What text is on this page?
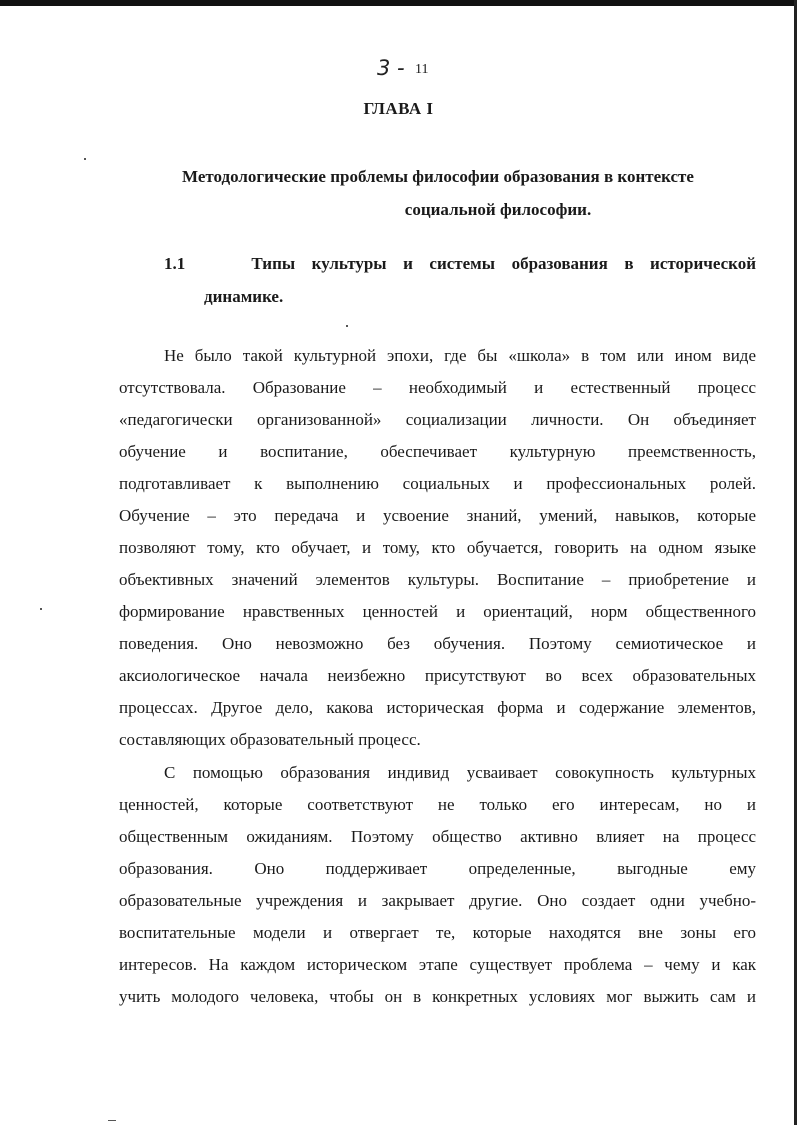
3 - 11
ГЛАВА I
Методологические проблемы философии образования в контексте
социальной философии.
1.1	Типы культуры и системы образования в исторической
динамике.
Не было такой культурной эпохи, где бы «школа» в том или ином виде
отсутствовала. Образование – необходимый и естественный процесс
«педагогически организованной» социализации личности. Он объединяет
обучение и воспитание, обеспечивает культурную преемственность,
подготавливает к выполнению социальных и профессиональных ролей.
Обучение – это передача и усвоение знаний, умений, навыков, которые
позволяют тому, кто обучает, и тому, кто обучается, говорить на одном языке
объективных значений элементов культуры. Воспитание – приобретение и
формирование нравственных ценностей и ориентаций, норм общественного
поведения. Оно невозможно без обучения. Поэтому семиотическое и
аксиологическое начала неизбежно присутствуют во всех образовательных
процессах. Другое дело, какова историческая форма и содержание элементов,
составляющих образовательный процесс.
С помощью образования индивид усваивает совокупность культурных
ценностей, которые соответствуют не только его интересам, но и
общественным ожиданиям. Поэтому общество активно влияет на процесс
образования. Оно поддерживает определенные, выгодные ему
образовательные учреждения и закрывает другие. Оно создает одни учебно-
воспитательные модели и отвергает те, которые находятся вне зоны его
интересов. На каждом историческом этапе существует проблема – чему и как
учить молодого человека, чтобы он в конкретных условиях мог выжить сам и
